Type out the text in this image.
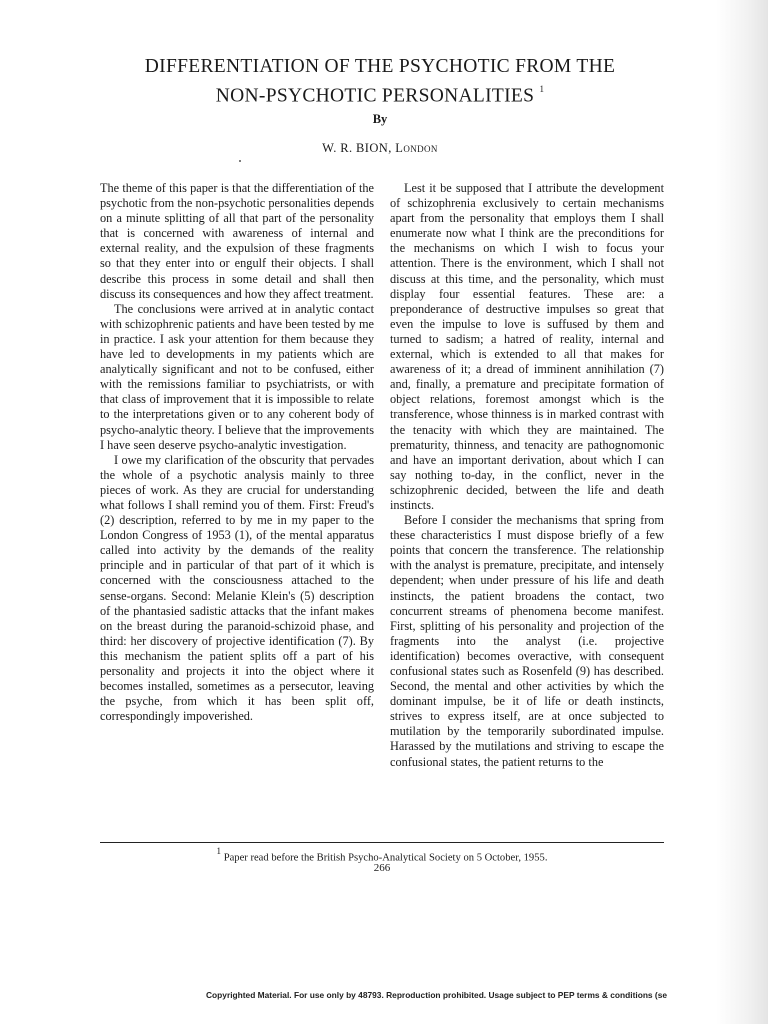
DIFFERENTIATION OF THE PSYCHOTIC FROM THE
NON-PSYCHOTIC PERSONALITIES $^1$
By
W. R. BION, London

The theme of this paper is that the differentiation of the psychotic from the non-psychotic personalities depends on a minute splitting of all that part of the personality that is concerned with awareness of internal and external reality, and the expulsion of these fragments so that they enter into or engulf their objects. I shall describe this process in some detail and shall then discuss its consequences and how they affect treatment.

The conclusions were arrived at in analytic contact with schizophrenic patients and have been tested by me in practice. I ask your attention for them because they have led to developments in my patients which are analytically significant and not to be confused, either with the remissions familiar to psychiatrists, or with that class of improvement that it is impossible to relate to the interpretations given or to any coherent body of psycho-analytic theory. I believe that the improvements I have seen deserve psycho-analytic investigation.

I owe my clarification of the obscurity that pervades the whole of a psychotic analysis mainly to three pieces of work. As they are crucial for understanding what follows I shall remind you of them. First: Freud's (2) description, referred to by me in my paper to the London Congress of 1953 (1), of the mental apparatus called into activity by the demands of the reality principle and in particular of that part of it which is concerned with the consciousness attached to the sense-organs. Second: Melanie Klein's (5) description of the phantasied sadistic attacks that the infant makes on the breast during the paranoid-schizoid phase, and third: her discovery of projective identification (7). By this mechanism the patient splits off a part of his personality and projects it into the object where it becomes installed, sometimes as a persecutor, leaving the psyche, from which it has been split off, correspondingly impoverished.

Lest it be supposed that I attribute the development of schizophrenia exclusively to certain mechanisms apart from the personality that employs them I shall enumerate now what I think are the preconditions for the mechanisms on which I wish to focus your attention. There is the environment, which I shall not discuss at this time, and the personality, which must display four essential features. These are: a preponderance of destructive impulses so great that even the impulse to love is suffused by them and turned to sadism; a hatred of reality, internal and external, which is extended to all that makes for awareness of it; a dread of imminent annihilation (7) and, finally, a premature and precipitate formation of object relations, foremost amongst which is the transference, whose thinness is in marked contrast with the tenacity with which they are maintained. The prematurity, thinness, and tenacity are pathognomonic and have an important derivation, about which I can say nothing to-day, in the conflict, never in the schizophrenic decided, between the life and death instincts.

Before I consider the mechanisms that spring from these characteristics I must dispose briefly of a few points that concern the transference. The relationship with the analyst is premature, precipitate, and intensely dependent; when under pressure of his life and death instincts, the patient broadens the contact, two concurrent streams of phenomena become manifest. First, splitting of his personality and projection of the fragments into the analyst (i.e. projective identification) becomes overactive, with consequent confusional states such as Rosenfeld (9) has described. Second, the mental and other activities by which the dominant impulse, be it of life or death instincts, strives to express itself, are at once subjected to mutilation by the temporarily subordinated impulse. Harassed by the mutilations and striving to escape the confusional states, the patient returns to the

$^1$ Paper read before the British Psycho-Analytical Society on 5 October, 1955.
266
Copyrighted Material. For use only by 48793. Reproduction prohibited. Usage subject to PEP terms & conditions (se
